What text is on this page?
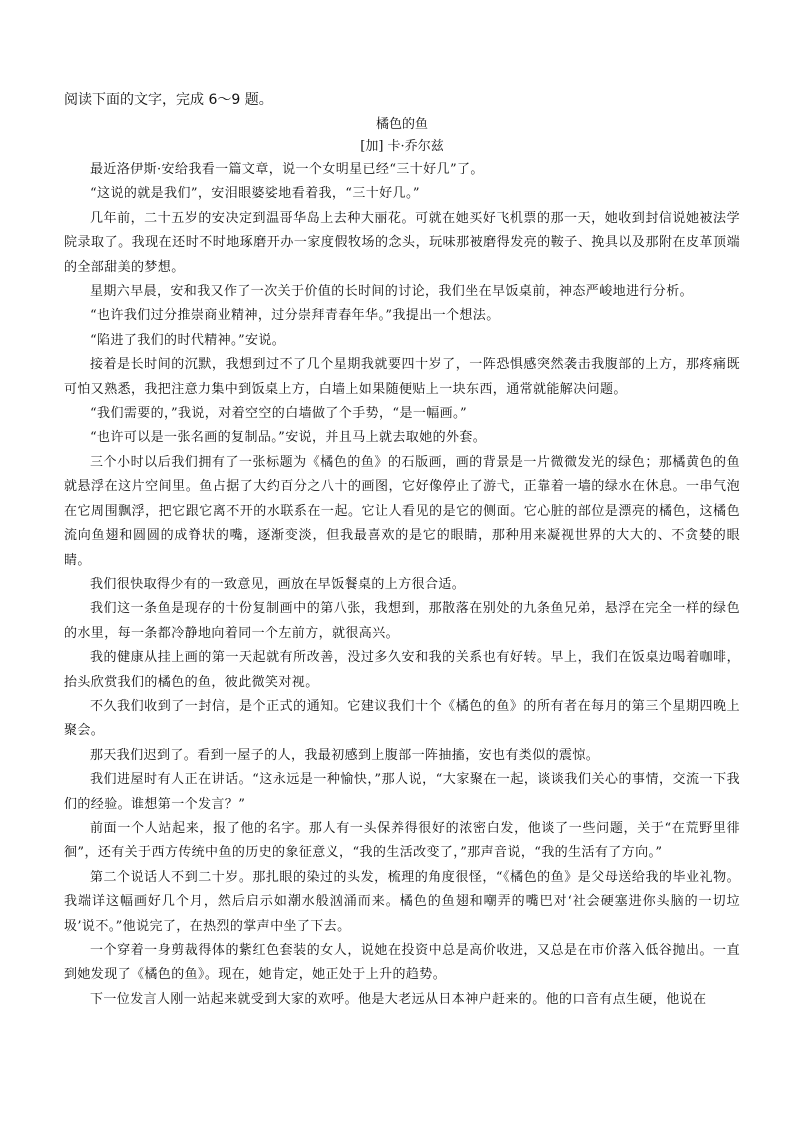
阅读下面的文字，完成 6～9 题。

橘色的鱼

[加] 卡·乔尔兹

最近洛伊斯·安给我看一篇文章，说一个女明星已经“三十好几”了。

“这说的就是我们”，安泪眼婆娑地看着我，“三十好几。”

几年前，二十五岁的安决定到温哥华岛上去种大丽花。可就在她买好飞机票的那一天，她收到封信说她被法学院录取了。我现在还时不时地琢磨开办一家度假牧场的念头，玩味那被磨得发亮的鞍子、挽具以及那附在皮革顶端的全部甜美的梦想。

星期六早晨，安和我又作了一次关于价值的长时间的讨论，我们坐在早饭桌前，神态严峻地进行分析。

“也许我们过分推崇商业精神，过分崇拜青春年华。”我提出一个想法。

“陷进了我们的时代精神。”安说。

接着是长时间的沉默，我想到过不了几个星期我就要四十岁了，一阵恐惧感突然袭击我腹部的上方，那疼痛既可怕又熟悉，我把注意力集中到饭桌上方，白墙上如果随便贴上一块东西，通常就能解决问题。

“我们需要的，”我说，对着空空的白墙做了个手势，“是一幅画。”

“也许可以是一张名画的复制品。”安说，并且马上就去取她的外套。

三个小时以后我们拥有了一张标题为《橘色的鱼》的石版画，画的背景是一片微微发光的绿色；那橘黄色的鱼就悬浮在这片空间里。鱼占据了大约百分之八十的画图，它好像停止了游弋，正靠着一墙的绿水在休息。一串气泡在它周围飘浮，把它跟它离不开的水联系在一起。它让人看见的是它的侧面。它心脏的部位是漂亮的橘色，这橘色流向鱼翅和圆圆的成脊状的嘴，逐渐变淡，但我最喜欢的是它的眼睛，那种用来凝视世界的大大的、不贪婪的眼睛。

我们很快取得少有的一致意见，画放在早饭餐桌的上方很合适。

我们这一条鱼是现存的十份复制画中的第八张，我想到，那散落在别处的九条鱼兄弟，悬浮在完全一样的绿色的水里，每一条都冷静地向着同一个左前方，就很高兴。

我的健康从挂上画的第一天起就有所改善，没过多久安和我的关系也有好转。早上，我们在饭桌边喝着咖啡，抬头欣赏我们的橘色的鱼，彼此微笑对视。

不久我们收到了一封信，是个正式的通知。它建议我们十个《橘色的鱼》的所有者在每月的第三个星期四晚上聚会。

那天我们迟到了。看到一屋子的人，我最初感到上腹部一阵抽搐，安也有类似的震惊。

我们进屋时有人正在讲话。“这永远是一种愉快，”那人说，“大家聚在一起，谈谈我们关心的事情，交流一下我们的经验。谁想第一个发言？”

前面一个人站起来，报了他的名字。那人有一头保养得很好的浓密白发，他谈了一些问题，关于“在荒野里徘徊”，还有关于西方传统中鱼的历史的象征意义，“我的生活改变了，”那声音说，“我的生活有了方向。”

第二个说话人不到二十岁。那扎眼的染过的头发，梳理的角度很怪，“《橘色的鱼》是父母送给我的毕业礼物。我端详这幅画好几个月，然后启示如潮水般汹涌而来。橘色的鱼翅和嘲弄的嘴巴对‘社会硬塞进你头脑的一切垃圾’说不。”他说完了，在热烈的掌声中坐了下去。

一个穿着一身剪裁得体的紫红色套装的女人，说她在投资中总是高价收进，又总是在市价落入低谷抛出。一直到她发现了《橘色的鱼》。现在，她肯定，她正处于上升的趋势。

下一位发言人刚一站起来就受到大家的欢呼。他是大老远从日本神户赶来的。他的口音有点生硬，他说在
